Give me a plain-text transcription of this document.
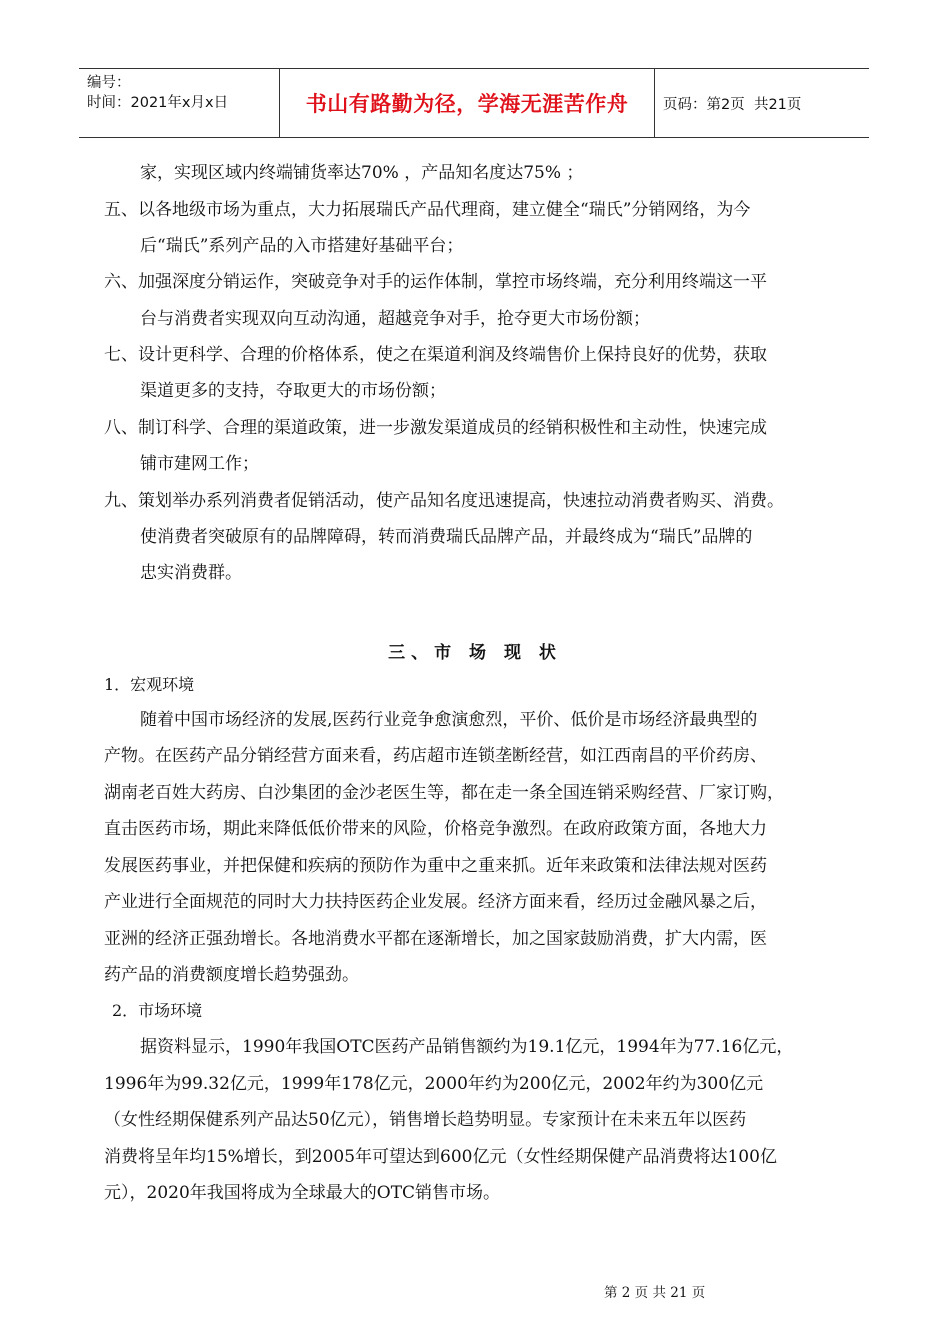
编号：
时间：2021年x月x日	书山有路勤为径，学海无涯苦作舟 页码：第2页  共21页
家，实现区域内终端铺货率达70% ，产品知名度达75% ；
五、以各地级市场为重点，大力拓展瑞氏产品代理商，建立健全“瑞氏”分销网络，为今
后“瑞氏”系列产品的入市搭建好基础平台；
六、加强深度分销运作，突破竞争对手的运作体制，掌控市场终端，充分利用终端这一平
台与消费者实现双向互动沟通，超越竞争对手，抢夺更大市场份额；
七、设计更科学、合理的价格体系，使之在渠道利润及终端售价上保持良好的优势，获取
渠道更多的支持，夺取更大的市场份额；
八、制订科学、合理的渠道政策，进一步激发渠道成员的经销积极性和主动性，快速完成
铺市建网工作；
九、策划举办系列消费者促销活动，使产品知名度迅速提高，快速拉动消费者购买、消费。
使消费者突破原有的品牌障碍，转而消费瑞氏品牌产品，并最终成为“瑞氏”品牌的
忠实消费群。
三、市 场 现 状
1．宏观环境
随着中国市场经济的发展,医药行业竞争愈演愈烈，平价、低价是市场经济最典型的
产物。在医药产品分销经营方面来看，药店超市连锁垄断经营，如江西南昌的平价药房、
湖南老百姓大药房、白沙集团的金沙老医生等，都在走一条全国连销采购经营、厂家订购，
直击医药市场，期此来降低低价带来的风险，价格竞争激烈。在政府政策方面，各地大力
发展医药事业，并把保健和疾病的预防作为重中之重来抓。近年来政策和法律法规对医药
产业进行全面规范的同时大力扶持医药企业发展。经济方面来看，经历过金融风暴之后，
亚洲的经济正强劲增长。各地消费水平都在逐渐增长，加之国家鼓励消费，扩大内需，医
药产品的消费额度增长趋势强劲。
2．市场环境
据资料显示，1990年我国OTC医药产品销售额约为19.1亿元，1994年为77.16亿元，
1996年为99.32亿元，1999年178亿元，2000年约为200亿元，2002年约为300亿元
（女性经期保健系列产品达50亿元），销售增长趋势明显。专家预计在未来五年以医药
消费将呈年均15%增长，到2005年可望达到600亿元（女性经期保健产品消费将达100亿
元），2020年我国将成为全球最大的OTC销售市场。
第 2 页 共 21 页
